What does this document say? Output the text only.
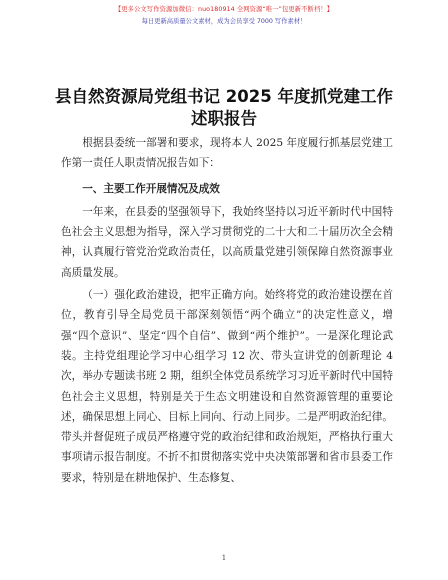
【更多公文写作资源加微信：nuo180914 全网资源“唯一”包更新不断档！】
每日更新高质量公文素材，成为会员享受 7000 写作素材！
县自然资源局党组书记 2025 年度抓党建工作述职报告

根据县委统一部署和要求，现将本人 2025 年度履行抓基层党建工作第一责任人职责情况报告如下：

一、主要工作开展情况及成效

一年来，在县委的坚强领导下，我始终坚持以习近平新时代中国特色社会主义思想为指导，深入学习贯彻党的二十大和二十届历次全会精神，认真履行管党治党政治责任，以高质量党建引领保障自然资源事业高质量发展。

（一）强化政治建设，把牢正确方向。始终将党的政治建设摆在首位，教育引导全局党员干部深刻领悟“两个确立”的决定性意义，增强“四个意识”、坚定“四个自信”、做到“两个维护”。一是深化理论武装。主持党组理论学习中心组学习 12 次、带头宣讲党的创新理论 4 次，举办专题读书班 2 期，组织全体党员系统学习习近平新时代中国特色社会主义思想，特别是关于生态文明建设和自然资源管理的重要论述，确保思想上同心、目标上同向、行动上同步。二是严明政治纪律。带头并督促班子成员严格遵守党的政治纪律和政治规矩，严格执行重大事项请示报告制度。不折不扣贯彻落实党中央决策部署和省市县委工作要求，特别是在耕地保护、生态修复、

1
